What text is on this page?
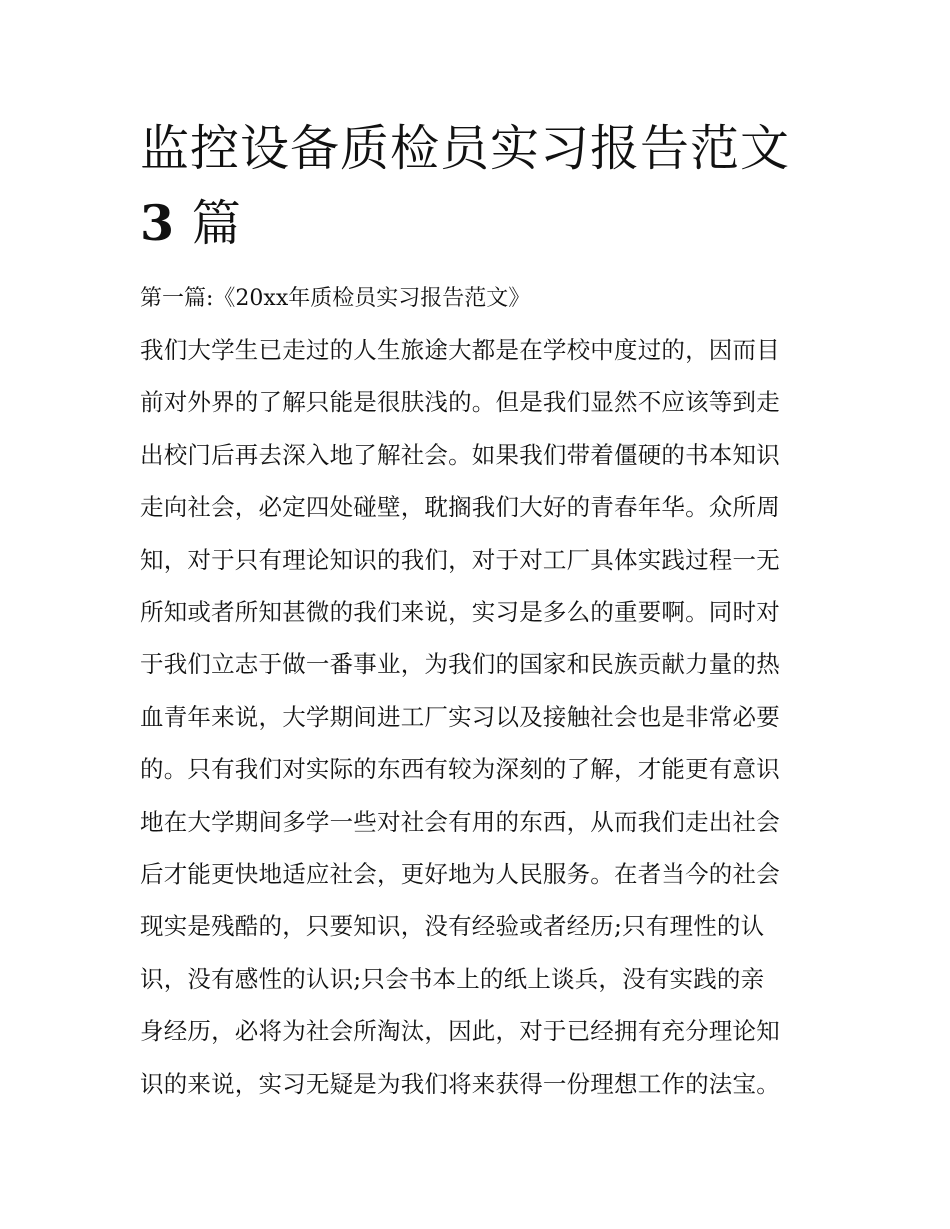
监控设备质检员实习报告范文
3 篇

第一篇:《20xx年质检员实习报告范文》

我们大学生已走过的人生旅途大都是在学校中度过的，因而目
前对外界的了解只能是很肤浅的。但是我们显然不应该等到走
出校门后再去深入地了解社会。如果我们带着僵硬的书本知识
走向社会，必定四处碰壁，耽搁我们大好的青春年华。众所周
知，对于只有理论知识的我们，对于对工厂具体实践过程一无
所知或者所知甚微的我们来说，实习是多么的重要啊。同时对
于我们立志于做一番事业，为我们的国家和民族贡献力量的热
血青年来说，大学期间进工厂实习以及接触社会也是非常必要
的。只有我们对实际的东西有较为深刻的了解，才能更有意识
地在大学期间多学一些对社会有用的东西，从而我们走出社会
后才能更快地适应社会，更好地为人民服务。在者当今的社会
现实是残酷的，只要知识，没有经验或者经历;只有理性的认
识，没有感性的认识;只会书本上的纸上谈兵，没有实践的亲
身经历，必将为社会所淘汰，因此，对于已经拥有充分理论知
识的来说，实习无疑是为我们将来获得一份理想工作的法宝。
